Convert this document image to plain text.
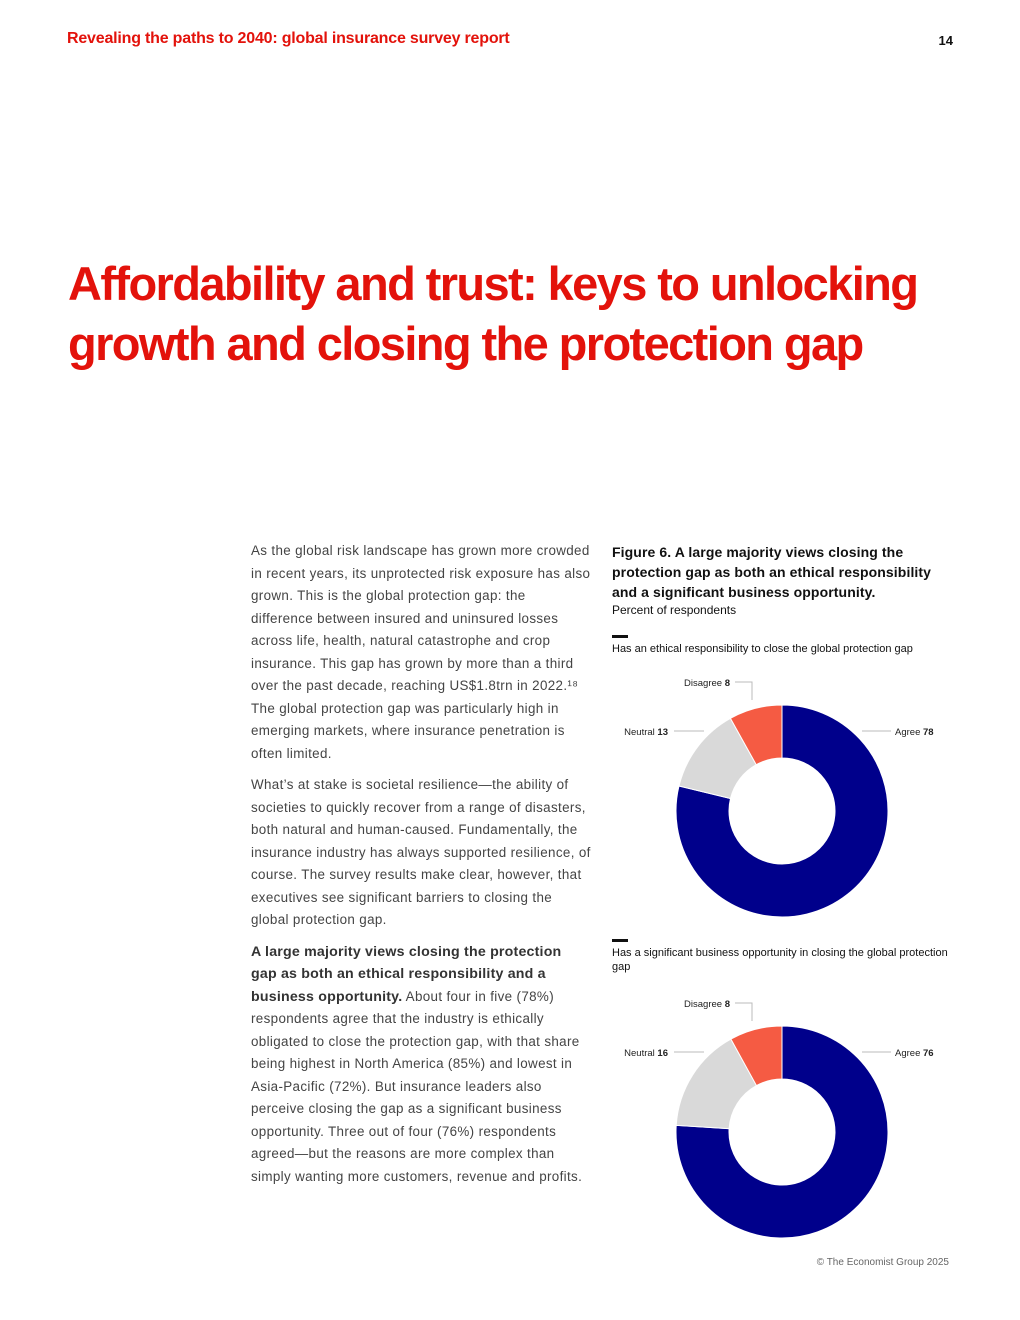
Revealing the paths to 2040: global insurance survey report	14
Affordability and trust: keys to unlocking growth and closing the protection gap

As the global risk landscape has grown more crowded in recent years, its unprotected risk exposure has also grown. This is the global protection gap: the difference between insured and uninsured losses across life, health, natural catastrophe and crop insurance. This gap has grown by more than a third over the past decade, reaching US$1.8trn in 2022.¹⁸ The global protection gap was particularly high in emerging markets, where insurance penetration is often limited.

What’s at stake is societal resilience—the ability of societies to quickly recover from a range of disasters, both natural and human-caused. Fundamentally, the insurance industry has always supported resilience, of course. The survey results make clear, however, that executives see significant barriers to closing the global protection gap.

A large majority views closing the protection gap as both an ethical responsibility and a business opportunity. About four in five (78%) respondents agree that the industry is ethically obligated to close the protection gap, with that share being highest in North America (85%) and lowest in Asia-Pacific (72%). But insurance leaders also perceive closing the gap as a significant business opportunity. Three out of four (76%) respondents agreed—but the reasons are more complex than simply wanting more customers, revenue and profits.

Figure 6. A large majority views closing the protection gap as both an ethical responsibility and a significant business opportunity.
Percent of respondents
Has an ethical responsibility to close the global protection gap
Agree 78
Neutral 13
Disagree 8
Has a significant business opportunity in closing the global protection gap
Agree 76
Neutral 16
Disagree 8
© The Economist Group 2025
